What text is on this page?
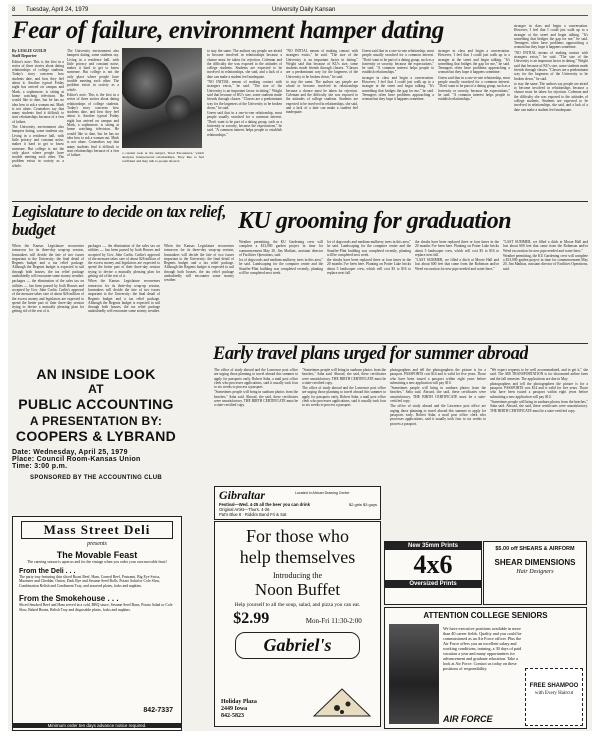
8 Tuesday, April 24, 1979	University Daily Kansan
Fear of failure, environment hamper dating

By LESLIE GUILD

Staff Reporter

Editor's note: This is the first in a series of three stories about dating relationships of college students. Today's story concerns how students date, and how they feel about it. Another typical Friday night has arrived on campus and Mark, a sophomore, is sitting at home watching television. He would like to date, but he has no idea how to ask a woman out. Mark is not alone. Counselors say that many students find it difficult to start relationships because of a fear of failure.

The University environment also hampers dating, some students say. Living in a residence hall, with little privacy and constant noise, makes it hard to get to know someone. But college is not the only place where people have trouble meeting each other. The problem exists in society as a whole.

The University environment also hampers dating, some students say. Living in a residence hall, with little privacy and constant noise, makes it hard to get to know someone. But college is not the only place where people have trouble meeting each other. The problem exists in society as a whole.

Editor's note: This is the first in a series of three stories about dating relationships of college students. Today's story concerns how students date, and how they feel about it. Another typical Friday night has arrived on campus and Mark, a sophomore, is sitting at home watching television. He would like to date, but he has no idea how to ask a woman out. Mark is not alone. Counselors say that many students find it difficult to start relationships because of a fear of failure.

a current look at the subject, 'Real Encounters,' which analyzes interpersonal relationships. They like to feel confident and they talk to people about it.

to stay the same. The authors say people are afraid to become involved in relationships because a chance must be taken for rejection. Coleman and the difficulty she was exposed to the attitudes of college students. Students are expected to be involved in relationships, she said, and a lack of a date can make a student feel inadequate.

"NO INITIAL means of making contact with strangers exists," he said. "The size of the University is an important factor in dating." Wright said that because of KU's size, some students made friends through classes. "Classes are a predominant way for the largeness of the University to be broken down," he said.

Green said that in a one-to-one relationship, most people usually searched for a common interest. "Don't want to be part of a dating group, such as a fraternity or sorority, because the expectations," he said. "A common interest helps people to establish relationships."

"NO INITIAL means of making contact with strangers exists," he said. "The size of the University is an important factor in dating." Wright said that because of KU's size, some students made friends through classes. "Classes are a predominant way for the largeness of the University to be broken down," he said.

to stay the same. The authors say people are afraid to become involved in relationships because a chance must be taken for rejection. Coleman and the difficulty she was exposed to the attitudes of college students. Students are expected to be involved in relationships, she said, and a lack of a date can make a student feel inadequate.

Green said that in a one-to-one relationship, most people usually searched for a common interest. "Don't want to be part of a dating group, such as a fraternity or sorority, because the expectations," he said. "A common interest helps people to establish relationships."

stronger in class and begin a conversation. However, I feel that I could just walk up to a stranger at the street and begin talking. "It's something that bridges the gap for me," he said. Teenagers often have problems approaching a woman but they hope it happens sometime.

stronger in class and begin a conversation. However, I feel that I could just walk up to a stranger at the street and begin talking. "It's something that bridges the gap for me," he said. Teenagers often have problems approaching a woman but they hope it happens sometime.

Green said that in a one-to-one relationship, most people usually searched for a common interest. "Don't want to be part of a dating group, such as a fraternity or sorority, because the expectations," he said. "A common interest helps people to establish relationships."

stronger in class and begin a conversation. However, I feel that I could just walk up to a stranger at the street and begin talking. "It's something that bridges the gap for me," he said. Teenagers often have problems approaching a woman but they hope it happens sometime.

"NO INITIAL means of making contact with strangers exists," he said. "The size of the University is an important factor in dating." Wright said that because of KU's size, some students made friends through classes. "Classes are a predominant way for the largeness of the University to be broken down," he said.

to stay the same. The authors say people are afraid to become involved in relationships because a chance must be taken for rejection. Coleman and the difficulty she was exposed to the attitudes of college students. Students are expected to be involved in relationships, she said, and a lack of a date can make a student feel inadequate.

Legislature to decide on tax relief, budget

When the Kansas Legislature reconvenes tomorrow for its three-day wrap-up session, lawmakers will decide the fate of two issues important to the University: the final detail of Regents budget and a tax relief package. Although the Regents budget is expected to sail through both houses, the tax relief package undoubtedly will encounter some stormy weather.

packages — the elimination of the sales tax on utilities — has been passed by both Houses and accepted by Gov. John Carlin. Carlin's approval of the measure takes care of about $26 million of the excess money and legislators are expected to spend the better part of their three-day session trying to devise a mutually pleasing plan for getting rid of the rest of it.

packages — the elimination of the sales tax on utilities — has been passed by both Houses and accepted by Gov. John Carlin. Carlin's approval of the measure takes care of about $26 million of the excess money and legislators are expected to spend the better part of their three-day session trying to devise a mutually pleasing plan for getting rid of the rest of it.

When the Kansas Legislature reconvenes tomorrow for its three-day wrap-up session, lawmakers will decide the fate of two issues important to the University: the final detail of Regents budget and a tax relief package. Although the Regents budget is expected to sail through both houses, the tax relief package undoubtedly will encounter some stormy weather.

When the Kansas Legislature reconvenes tomorrow for its three-day wrap-up session, lawmakers will decide the fate of two issues important to the University: the final detail of Regents budget and a tax relief package. Although the Regents budget is expected to sail through both houses, the tax relief package undoubtedly will encounter some stormy weather.

KU grooming for graduation

Weather permitting, the KU Gardening crew will complete a $13,000 garden project in time for commencement May 20, Jim Mathias, assistant director of Facilities Operations, said.

lot of dogwoods and medium mulberry trees in this area," he said. Landscaping for the computer center and the Stauffer-Flint building was completed recently, planting will be completed next week.

lot of dogwoods and medium mulberry trees in this area," he said. Landscaping for the computer center and the Stauffer-Flint building was completed recently, planting will be completed next week.

the shrubs have been replaced three or four times in the 20 months I've been here. Planting on Potter Lake bricks about 5 landscaper crew, which will cost $3 to $16 to replace next fall.

the shrubs have been replaced three or four times in the 20 months I've been here. Planting on Potter Lake bricks about 5 landscaper crew, which will cost $3 to $16 to replace next fall.

"LAST SUMMER, we filled a ditch at Moore Hall and lost about 600 feet that came from the Robinson and/or Weed excavation for new pipe needed and water lines."

"LAST SUMMER, we filled a ditch at Moore Hall and lost about 600 feet that came from the Robinson and/or Weed excavation for new pipe needed and water lines."

Weather permitting, the KU Gardening crew will complete a $13,000 garden project in time for commencement May 20, Jim Mathias, assistant director of Facilities Operations, said.

Early travel plans urged for summer abroad

The office of study abroad and the Lawrence post office are urging those planning to travel abroad this summer to apply for passports early. Robert Saba, a mail post office clerk who processes applications, said it usually took four to six weeks to process a passport.

"Sometimes people will bring in sunburn photos from the beaches," Saba said. Abroad, she said, these certificates were unsatisfactory. THE BIRTH CERTIFICATE must be a state-certified copy.

"Sometimes people will bring in sunburn photos from the beaches," Saba said. Abroad, she said, these certificates were unsatisfactory. THE BIRTH CERTIFICATE must be a state-certified copy.

The office of study abroad and the Lawrence post office are urging those planning to travel abroad this summer to apply for passports early. Robert Saba, a mail post office clerk who processes applications, said it usually took four to six weeks to process a passport.

photographers and tell the photographers the picture is for a passport. PASSPORTS cost $14 and is valid for five years. Those who have been issued a passport within eight years before submitting a new application will pay $10.

"Sometimes people will bring in sunburn photos from the beaches," Saba said. Abroad, she said, these certificates were unsatisfactory. THE BIRTH CERTIFICATE must be a state-certified copy.

The office of study abroad and the Lawrence post office are urging those planning to travel abroad this summer to apply for passports early. Robert Saba, a mail post office clerk who processes applications, said it usually took four to six weeks to process a passport.

"We expect requests to be well accommodated, and to get it," she said. The AIR TRANSPORTATION is for discounted airline fares and the fall semester. The applications are due in May.

photographers and tell the photographers the picture is for a passport. PASSPORTS cost $14 and is valid for five years. Those who have been issued a passport within eight years before submitting a new application will pay $10.

"Sometimes people will bring in sunburn photos from the beaches," Saba said. Abroad, she said, these certificates were unsatisfactory. THE BIRTH CERTIFICATE must be a state-certified copy.

AN INSIDE LOOK
AT
PUBLIC ACCOUNTING
A PRESENTATION BY:
COOPERS & LYBRAND
Date: Wednesday, April 25, 1979
Place: Council Room-Kansas Union
Time: 3:00 p.m.
SPONSORED BY THE ACCOUNTING CLUB
Mass Street Deli
presents
The Movable Feast
The catering season is upon us and for the vintage when you order your own movable feast!
From the Deli . . .
The party tray featuring thin sliced Roast Beef, Ham, Corned Beef, Pastrami, Big Eye Swiss, Muenster and Cheddar, Onion, Dark Rye and Sesame Seed Rolls, Potato Salad or Cole Slaw, Combination Relish and Condiment Tray, and assorted plates, forks and napkins.
From the Smokehouse . . .
Sliced Smoked Beef and Ham served in a cold, BBQ sauce, Sesame Seed Buns, Potato Salad or Cole Slaw, Baked Beans, Relish Tray and disposable plates, forks and napkins.
842-7337
Minimum order ten days advance notice required.
Gibraltar	Located in African Drawing Center
Festival—Wed. 4-25 all the beer you can drink
Original Artist—Thurs. 4-26
Pat's Blue 8 · Riddim Band Fri & Sat
$2 girls $3 guys
For those who
help themselves
Introducing the
Noon Buffet
Help yourself to all the soup, salad, and pizza you can eat.
$2.99	Mon-Fri 11:30-2:00
Gabriel's
Holiday Plaza
2449 Iowa
842-5823
New 35mm Prints
4x6
Oversized Prints
$5.00 off SHEARS & AIRFORM
SHEAR DIMENSIONS
Hair Designers
ATTENTION COLLEGE SENIORS
We have executive positions available in more than 40 career fields. Quality and you could be commissioned as an Air Force officer. Plus the Air Force offers you an excellent salary and working conditions, training, a 30 days of paid vacation a year and many opportunities for advancement and graduate education. Take a look at Air Force. Contact us today on these positions of responsibility.
AIR FORCE
FREE SHAMPOO
with Every Haircut
